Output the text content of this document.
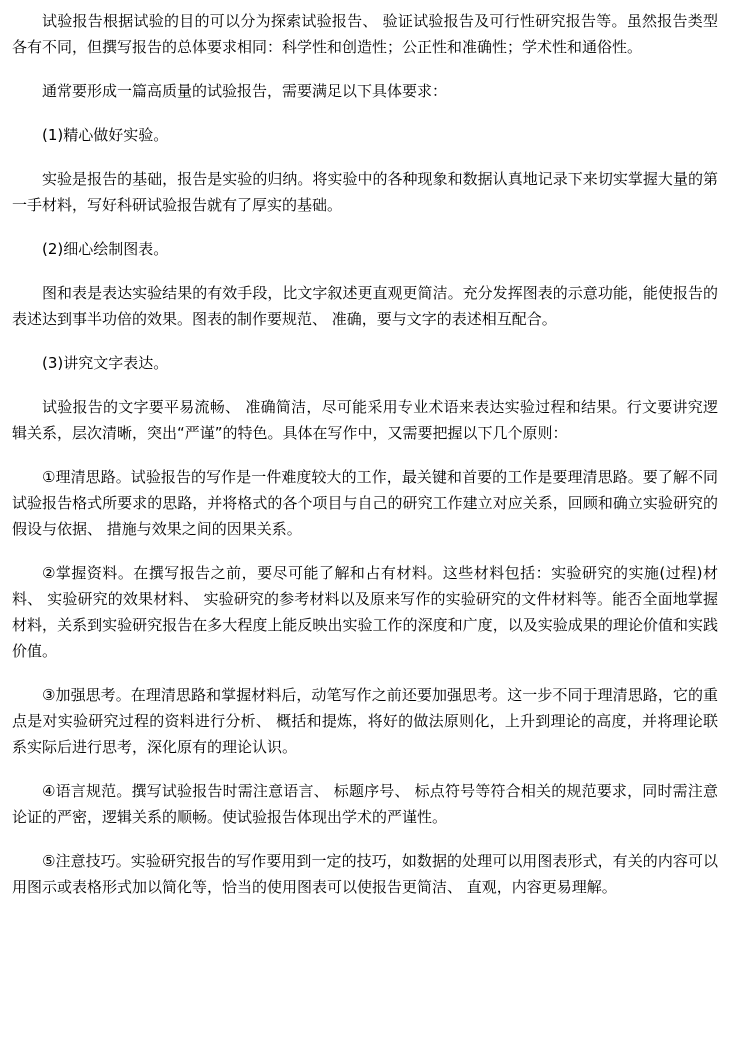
试验报告根据试验的目的可以分为探索试验报告、 验证试验报告及可行性研究报告等。虽然报告类型各有不同，但撰写报告的总体要求相同：科学性和创造性；公正性和准确性；学术性和通俗性。

通常要形成一篇高质量的试验报告，需要满足以下具体要求：

(1)精心做好实验。

实验是报告的基础，报告是实验的归纳。将实验中的各种现象和数据认真地记录下来切实掌握大量的第一手材料，写好科研试验报告就有了厚实的基础。

(2)细心绘制图表。

图和表是表达实验结果的有效手段，比文字叙述更直观更简洁。充分发挥图表的示意功能，能使报告的表述达到事半功倍的效果。图表的制作要规范、 准确，要与文字的表述相互配合。

(3)讲究文字表达。

试验报告的文字要平易流畅、 准确简洁，尽可能采用专业术语来表达实验过程和结果。行文要讲究逻辑关系，层次清晰，突出“严谨”的特色。具体在写作中，又需要把握以下几个原则：

①理清思路。试验报告的写作是一件难度较大的工作，最关键和首要的工作是要理清思路。要了解不同试验报告格式所要求的思路，并将格式的各个项目与自己的研究工作建立对应关系，回顾和确立实验研究的假设与依据、 措施与效果之间的因果关系。

②掌握资料。在撰写报告之前，要尽可能了解和占有材料。这些材料包括：实验研究的实施(过程)材料、 实验研究的效果材料、 实验研究的参考材料以及原来写作的实验研究的文件材料等。能否全面地掌握材料，关系到实验研究报告在多大程度上能反映出实验工作的深度和广度，以及实验成果的理论价值和实践价值。

③加强思考。在理清思路和掌握材料后，动笔写作之前还要加强思考。这一步不同于理清思路，它的重点是对实验研究过程的资料进行分析、 概括和提炼，将好的做法原则化，上升到理论的高度，并将理论联系实际后进行思考，深化原有的理论认识。

④语言规范。撰写试验报告时需注意语言、 标题序号、 标点符号等符合相关的规范要求，同时需注意论证的严密，逻辑关系的顺畅。使试验报告体现出学术的严谨性。

⑤注意技巧。实验研究报告的写作要用到一定的技巧，如数据的处理可以用图表形式，有关的内容可以用图示或表格形式加以简化等，恰当的使用图表可以使报告更简洁、 直观，内容更易理解。
